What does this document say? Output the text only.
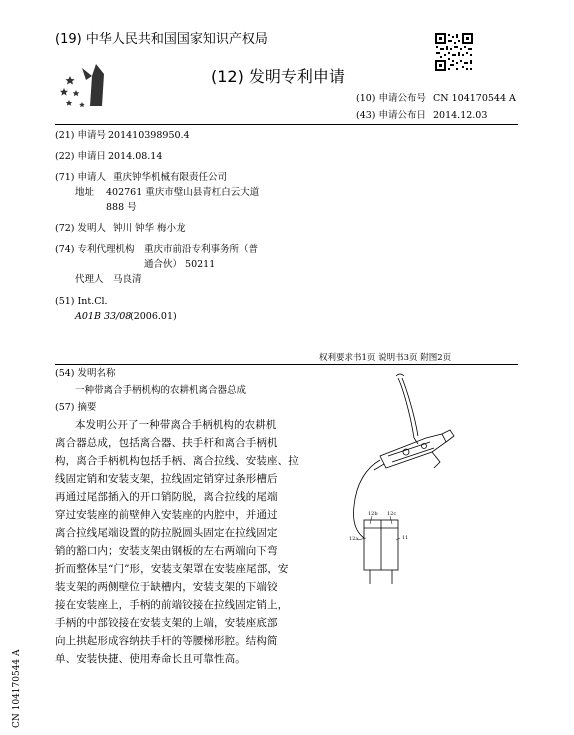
(19) 中华人民共和国国家知识产权局
(12) 发明专利申请
(10) 申请公布号 CN 104170544 A
(43) 申请公布日 2014.12.03
(21) 申请号 201410398950.4
(22) 申请日 2014.08.14
(71) 申请人 重庆钟华机械有限责任公司
地址 402761 重庆市璧山县青杠白云大道
888 号
(72) 发明人 钟川 钟华 梅小龙
(74) 专利代理机构 重庆市前沿专利事务所（普
通合伙） 50211
代理人 马良清
(51) Int.Cl.
A01B 33/08
(2006.01)
权利要求书1页 说明书3页 附图2页
(54) 发明名称
一种带离合手柄机构的农耕机离合器总成
(57) 摘要
本发明公开了一种带离合手柄机构的农耕机
离合器总成，包括离合器、扶手杆和离合手柄机
构，离合手柄机构包括手柄、离合拉线、安装座、拉
线固定销和安装支架，拉线固定销穿过条形槽后
再通过尾部插入的开口销防脱，离合拉线的尾端
穿过安装座的前壁伸入安装座的内腔中，并通过
离合拉线尾端设置的防拉脱圆头固定在拉线固定
销的豁口内；安装支架由钢板的左右两端向下弯
折而整体呈“门”形，安装支架罩在安装座尾部，安
装支架的两侧壁位于缺槽内，安装支架的下端铰
接在安装座上，手柄的前端铰接在拉线固定销上，
手柄的中部铰接在安装支架的上端，安装座底部
向上拱起形成容纳扶手杆的等腰梯形腔。结构简
单、安装快捷、使用寿命长且可靠性高。
12b 12c
12a	11
CN 104170544 A
